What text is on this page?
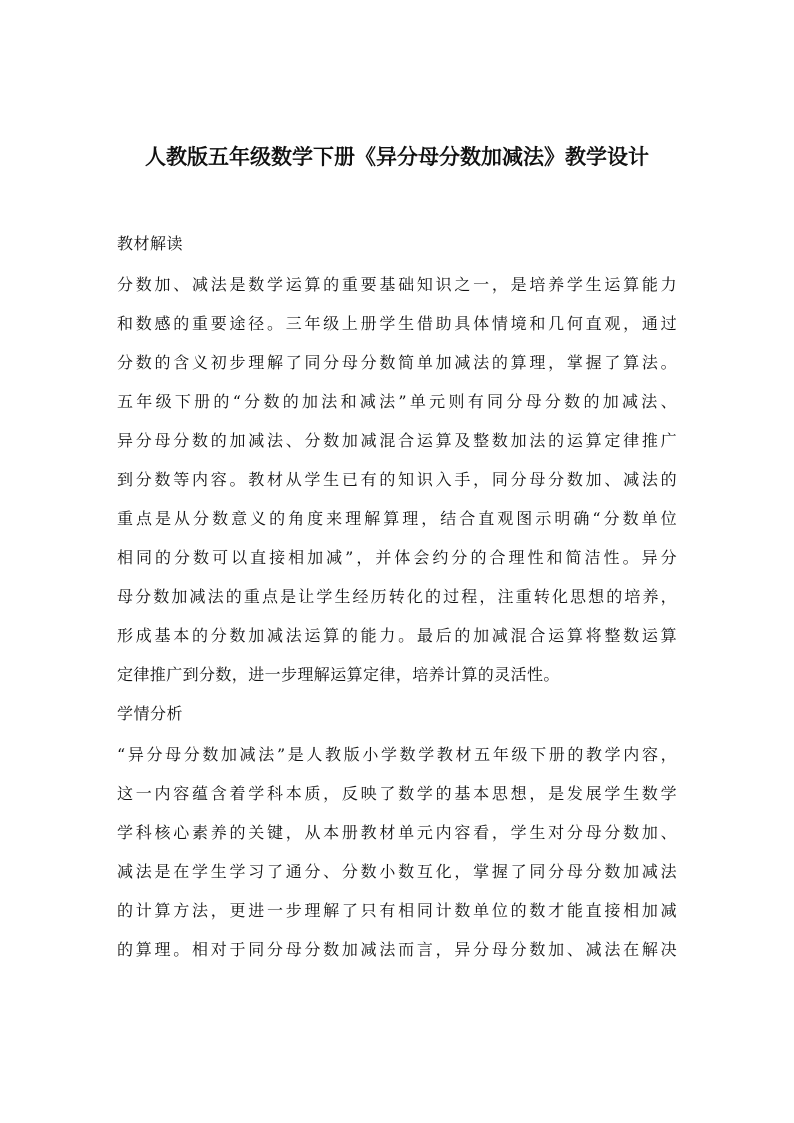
人教版五年级数学下册《异分母分数加减法》教学设计
教材解读
分数加、减法是数学运算的重要基础知识之一，是培养学生运算能力
和数感的重要途径。三年级上册学生借助具体情境和几何直观，通过
分数的含义初步理解了同分母分数简单加减法的算理，掌握了算法。
五年级下册的“分数的加法和减法”单元则有同分母分数的加减法、
异分母分数的加减法、分数加减混合运算及整数加法的运算定律推广
到分数等内容。教材从学生已有的知识入手，同分母分数加、减法的
重点是从分数意义的角度来理解算理，结合直观图示明确“分数单位
相同的分数可以直接相加减”，并体会约分的合理性和简洁性。异分
母分数加减法的重点是让学生经历转化的过程，注重转化思想的培养，
形成基本的分数加减法运算的能力。最后的加减混合运算将整数运算
定律推广到分数，进一步理解运算定律，培养计算的灵活性。
学情分析
“异分母分数加减法”是人教版小学数学教材五年级下册的教学内容，
这一内容蕴含着学科本质，反映了数学的基本思想，是发展学生数学
学科核心素养的关键，从本册教材单元内容看，学生对分母分数加、
减法是在学生学习了通分、分数小数互化，掌握了同分母分数加减法
的计算方法，更进一步理解了只有相同计数单位的数才能直接相加减
的算理。相对于同分母分数加减法而言，异分母分数加、减法在解决
